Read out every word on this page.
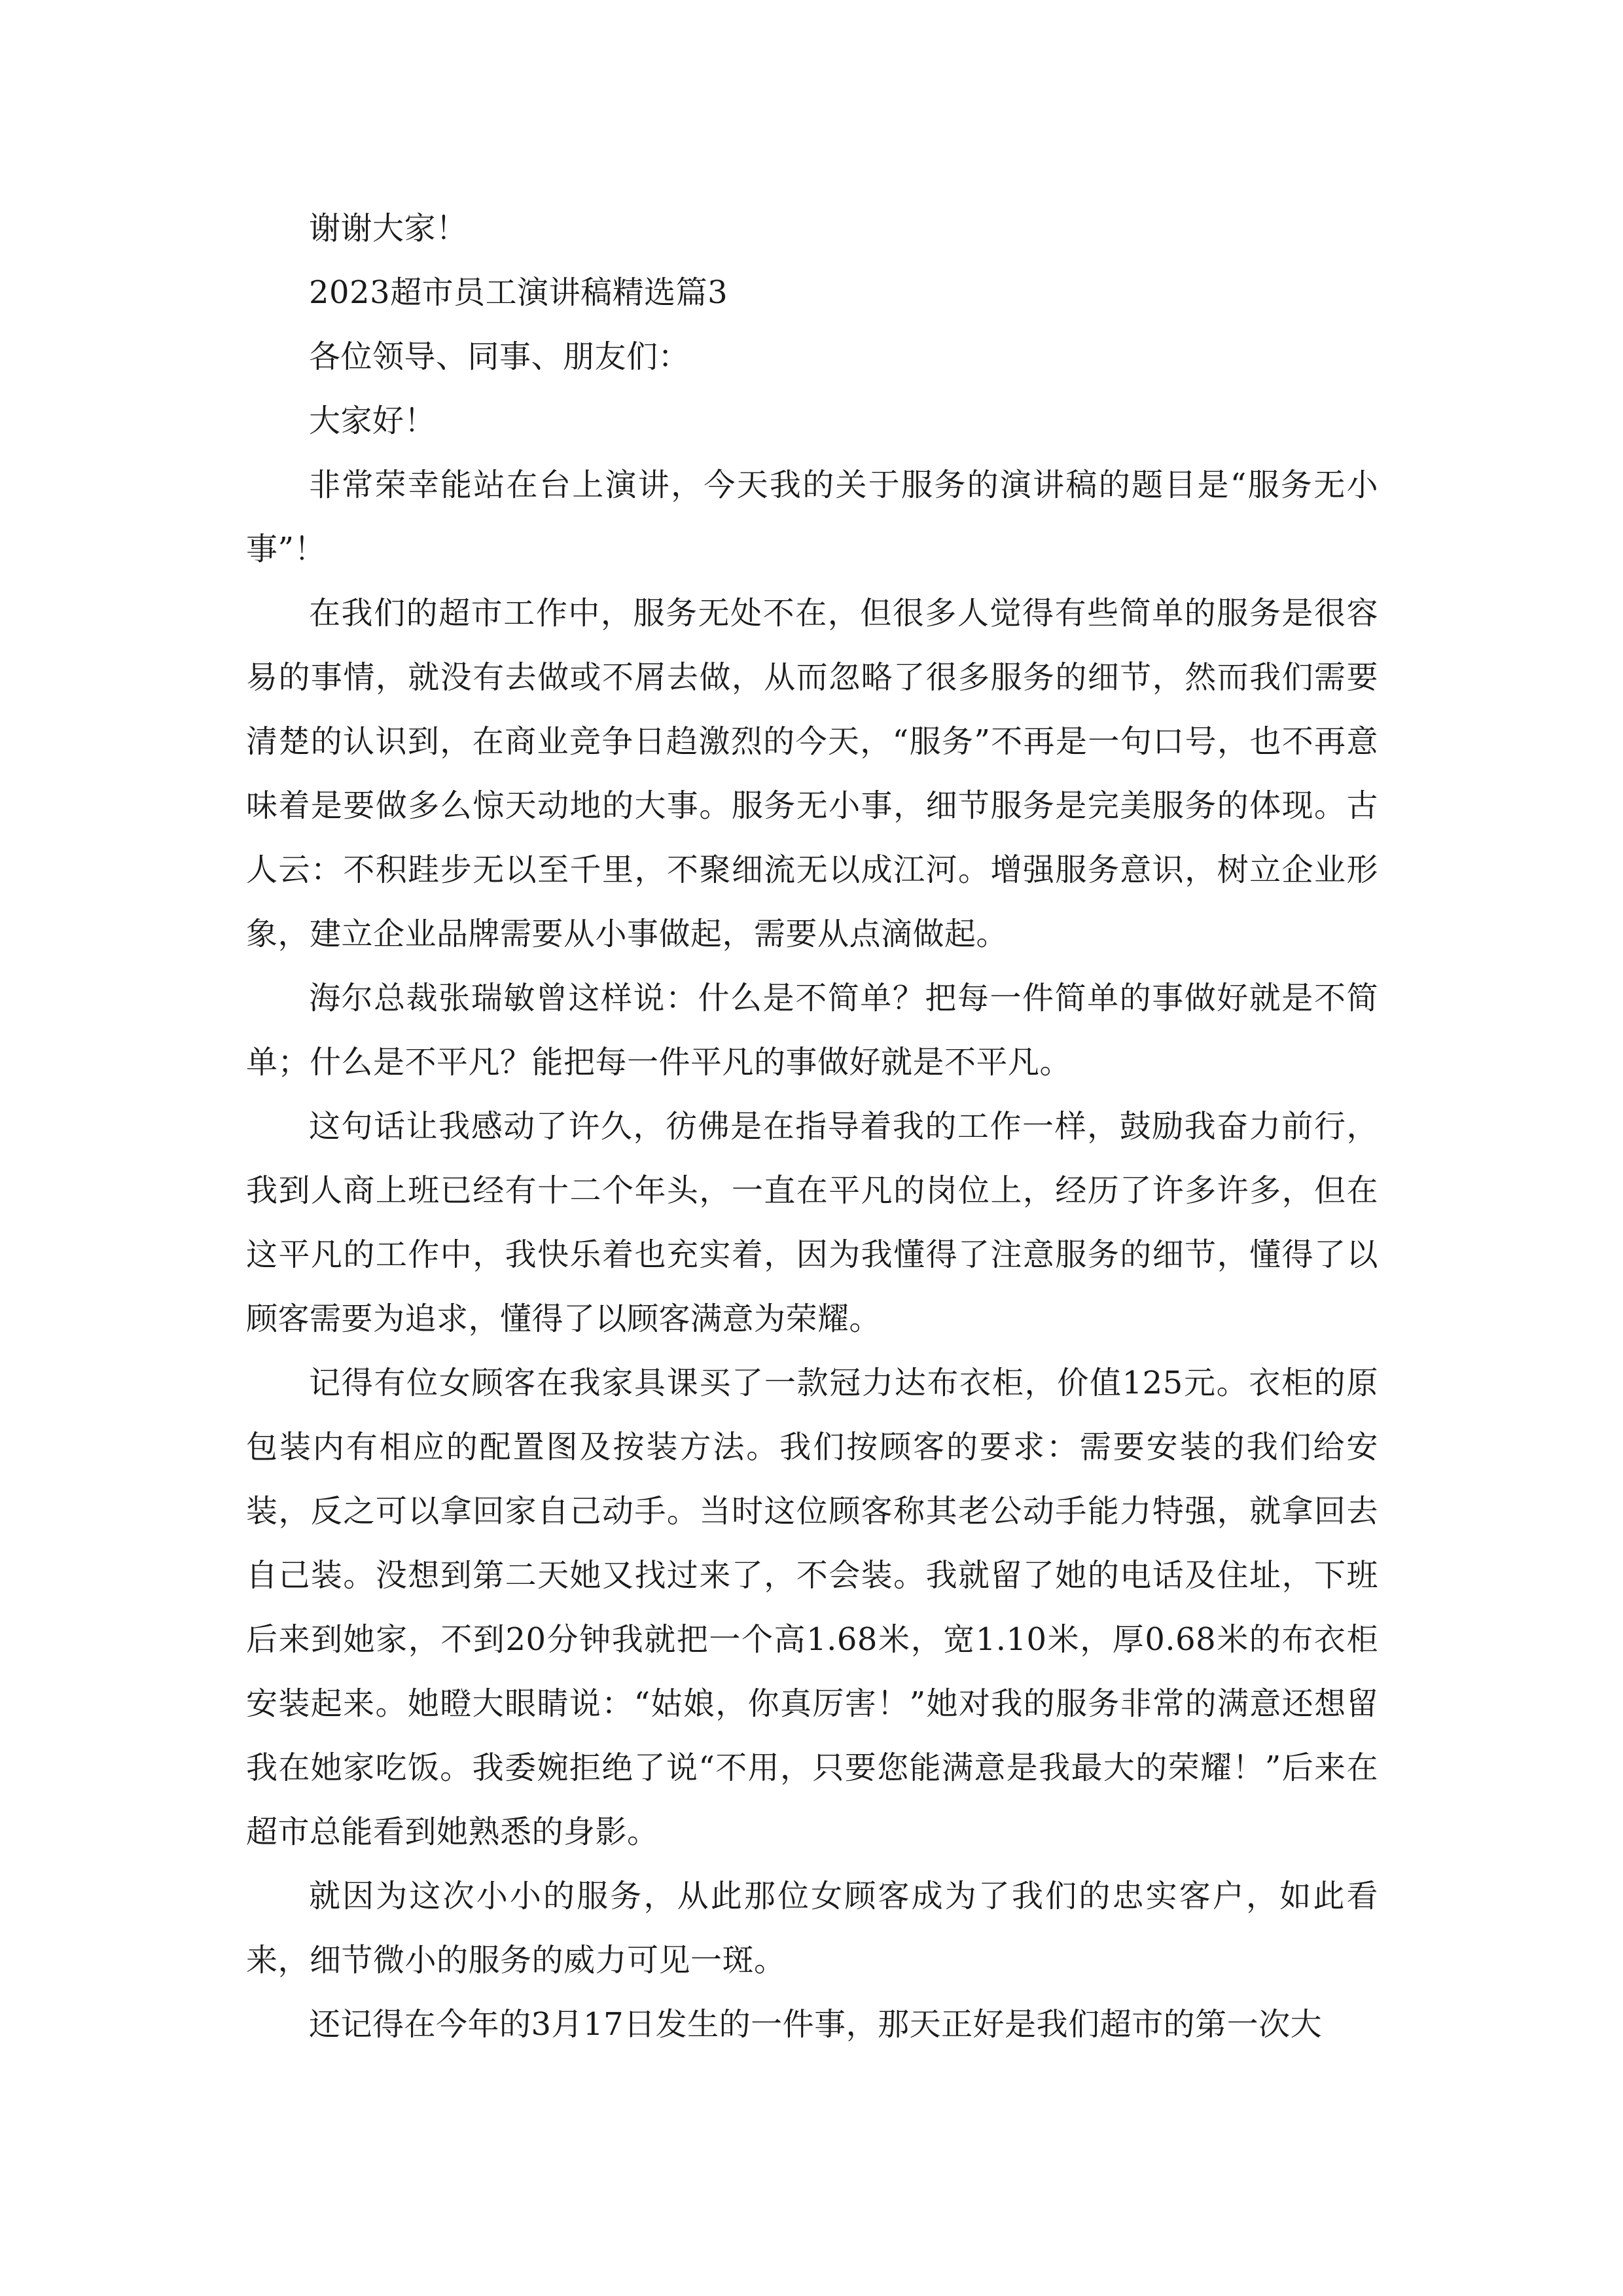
谢谢大家！

2023超市员工演讲稿精选篇3

各位领导、同事、朋友们：

大家好！

非常荣幸能站在台上演讲，今天我的关于服务的演讲稿的题目是“服务无小事”！

在我们的超市工作中，服务无处不在，但很多人觉得有些简单的服务是很容易的事情，就没有去做或不屑去做，从而忽略了很多服务的细节，然而我们需要清楚的认识到，在商业竞争日趋激烈的今天，“服务”不再是一句口号，也不再意味着是要做多么惊天动地的大事。服务无小事，细节服务是完美服务的体现。古人云：不积跬步无以至千里，不聚细流无以成江河。增强服务意识，树立企业形象，建立企业品牌需要从小事做起，需要从点滴做起。

海尔总裁张瑞敏曾这样说：什么是不简单？把每一件简单的事做好就是不简单；什么是不平凡？能把每一件平凡的事做好就是不平凡。

这句话让我感动了许久，彷佛是在指导着我的工作一样，鼓励我奋力前行，我到人商上班已经有十二个年头，一直在平凡的岗位上，经历了许多许多，但在这平凡的工作中，我快乐着也充实着，因为我懂得了注意服务的细节，懂得了以顾客需要为追求，懂得了以顾客满意为荣耀。

记得有位女顾客在我家具课买了一款冠力达布衣柜，价值125元。衣柜的原包装内有相应的配置图及按装方法。我们按顾客的要求：需要安装的我们给安装，反之可以拿回家自己动手。当时这位顾客称其老公动手能力特强，就拿回去自己装。没想到第二天她又找过来了，不会装。我就留了她的电话及住址，下班后来到她家，不到20分钟我就把一个高1.68米，宽1.10米，厚0.68米的布衣柜安装起来。她瞪大眼睛说：“姑娘，你真厉害！”她对我的服务非常的满意还想留我在她家吃饭。我委婉拒绝了说“不用，只要您能满意是我最大的荣耀！”后来在超市总能看到她熟悉的身影。

就因为这次小小的服务，从此那位女顾客成为了我们的忠实客户，如此看来，细节微小的服务的威力可见一斑。

还记得在今年的3月17日发生的一件事，那天正好是我们超市的第一次大
